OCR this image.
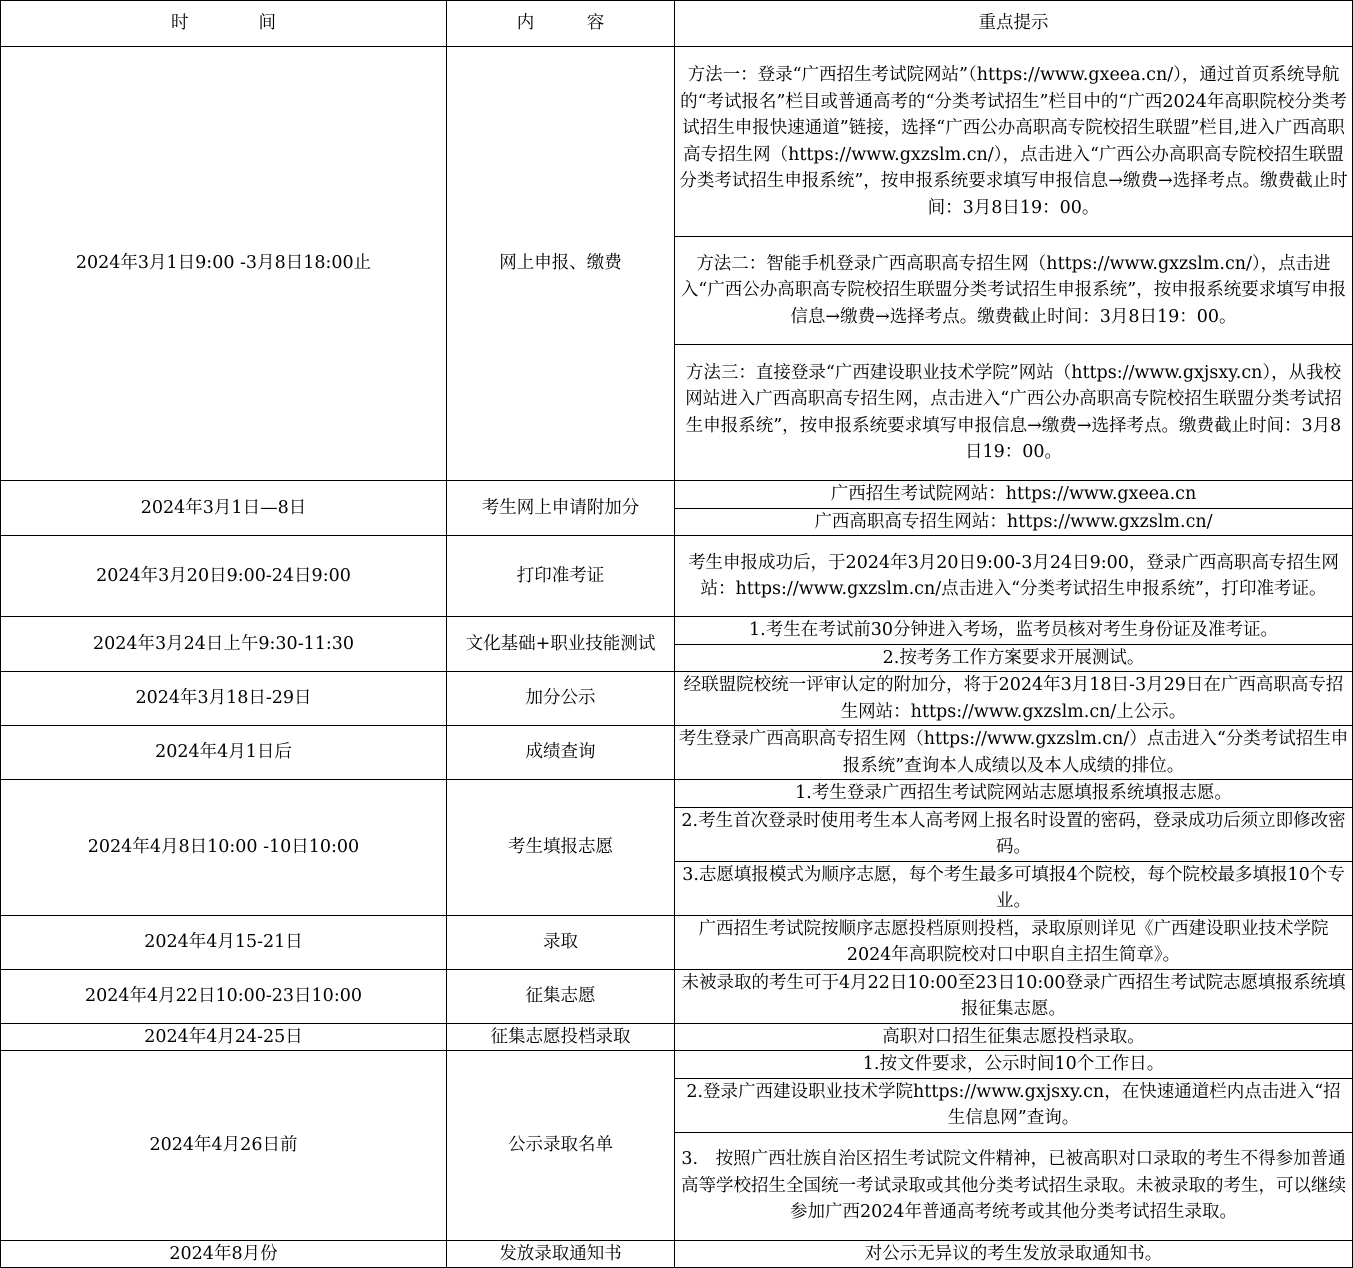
时　　　　间	内　　　容	重点提示
2024年3月1日9:00 -3月8日18:00止	网上申报、缴费	方法一：登录“广西招生考试院网站”（https://www.gxeea.cn/），通过首页系统导航的“考试报名”栏目或普通高考的“分类考试招生”栏目中的“广西2024年高职院校分类考试招生申报快速通道”链接，选择“广西公办高职高专院校招生联盟”栏目,进入广西高职高专招生网（https://www.gxzslm.cn/），点击进入“广西公办高职高专院校招生联盟分类考试招生申报系统”，按申报系统要求填写申报信息→缴费→选择考点。缴费截止时间：3月8日19：00。
		方法二：智能手机登录广西高职高专招生网（https://www.gxzslm.cn/），点击进入“广西公办高职高专院校招生联盟分类考试招生申报系统”，按申报系统要求填写申报信息→缴费→选择考点。缴费截止时间：3月8日19：00。
		方法三：直接登录“广西建设职业技术学院”网站（https://www.gxjsxy.cn），从我校网站进入广西高职高专招生网，点击进入“广西公办高职高专院校招生联盟分类考试招生申报系统”，按申报系统要求填写申报信息→缴费→选择考点。缴费截止时间：3月8日19：00。
2024年3月1日—8日	考生网上申请附加分	广西招生考试院网站：https://www.gxeea.cn
		广西高职高专招生网站：https://www.gxzslm.cn/
2024年3月20日9:00-24日9:00	打印准考证	考生申报成功后，于2024年3月20日9:00-3月24日9:00，登录广西高职高专招生网站：https://www.gxzslm.cn/点击进入“分类考试招生申报系统”，打印准考证。
2024年3月24日上午9:30-11:30	文化基础+职业技能测试	1.考生在考试前30分钟进入考场，监考员核对考生身份证及准考证。
		2.按考务工作方案要求开展测试。
2024年3月18日-29日	加分公示	经联盟院校统一评审认定的附加分，将于2024年3月18日-3月29日在广西高职高专招生网站：https://www.gxzslm.cn/上公示。
2024年4月1日后	成绩查询	考生登录广西高职高专招生网（https://www.gxzslm.cn/）点击进入“分类考试招生申报系统”查询本人成绩以及本人成绩的排位。
2024年4月8日10:00 -10日10:00	考生填报志愿	1.考生登录广西招生考试院网站志愿填报系统填报志愿。
		2.考生首次登录时使用考生本人高考网上报名时设置的密码，登录成功后须立即修改密码。
		3.志愿填报模式为顺序志愿，每个考生最多可填报4个院校，每个院校最多填报10个专业。
2024年4月15-21日	录取	广西招生考试院按顺序志愿投档原则投档，录取原则详见《广西建设职业技术学院2024年高职院校对口中职自主招生简章》。
2024年4月22日10:00-23日10:00	征集志愿	未被录取的考生可于4月22日10:00至23日10:00登录广西招生考试院志愿填报系统填报征集志愿。
2024年4月24-25日	征集志愿投档录取	高职对口招生征集志愿投档录取。
2024年4月26日前	公示录取名单	1.按文件要求，公示时间10个工作日。
		2.登录广西建设职业技术学院https://www.gxjsxy.cn，在快速通道栏内点击进入“招生信息网”查询。
		3.　按照广西壮族自治区招生考试院文件精神，已被高职对口录取的考生不得参加普通高等学校招生全国统一考试录取或其他分类考试招生录取。未被录取的考生，可以继续参加广西2024年普通高考统考或其他分类考试招生录取。
2024年8月份	发放录取通知书	对公示无异议的考生发放录取通知书。
